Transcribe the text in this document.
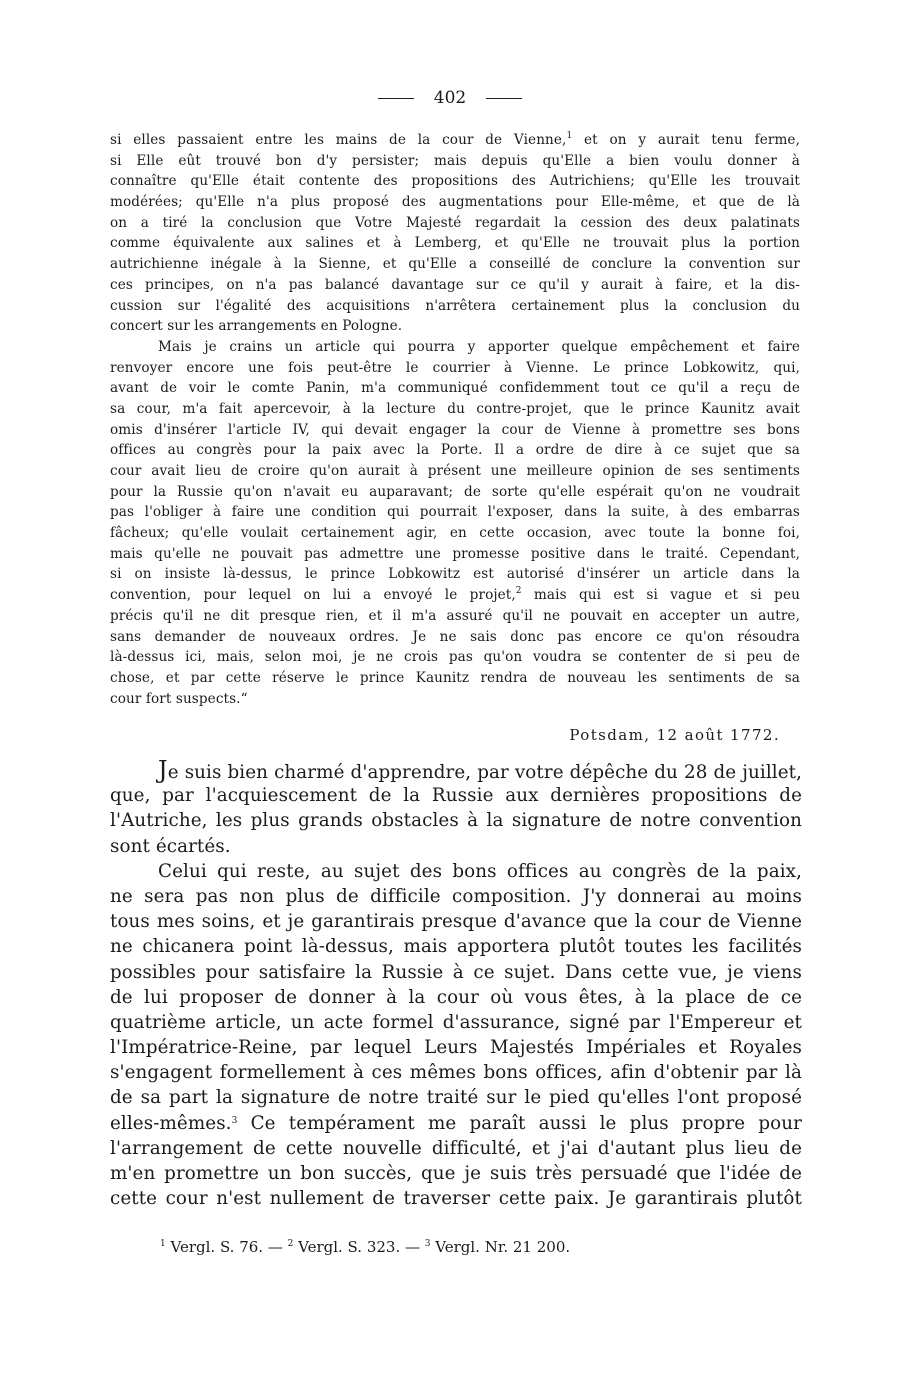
402
si elles passaient entre les mains de la cour de Vienne,$^1$ et on y aurait tenu ferme,
si Elle eût trouvé bon d'y persister; mais depuis qu'Elle a bien voulu donner à
connaître qu'Elle était contente des propositions des Autrichiens; qu'Elle les trouvait
modérées; qu'Elle n'a plus proposé des augmentations pour Elle-même, et que de là
on a tiré la conclusion que Votre Majesté regardait la cession des deux palatinats
comme équivalente aux salines et à Lemberg, et qu'Elle ne trouvait plus la portion
autrichienne inégale à la Sienne, et qu'Elle a conseillé de conclure la convention sur
ces principes, on n'a pas balancé davantage sur ce qu'il y aurait à faire, et la dis-
cussion sur l'égalité des acquisitions n'arrêtera certainement plus la conclusion du
concert sur les arrangements en Pologne.
Mais je crains un article qui pourra y apporter quelque empêchement et faire
renvoyer encore une fois peut-être le courrier à Vienne. Le prince Lobkowitz, qui,
avant de voir le comte Panin, m'a communiqué confidemment tout ce qu'il a reçu de
sa cour, m'a fait apercevoir, à la lecture du contre-projet, que le prince Kaunitz avait
omis d'insérer l'article IV, qui devait engager la cour de Vienne à promettre ses bons
offices au congrès pour la paix avec la Porte. Il a ordre de dire à ce sujet que sa
cour avait lieu de croire qu'on aurait à présent une meilleure opinion de ses sentiments
pour la Russie qu'on n'avait eu auparavant; de sorte qu'elle espérait qu'on ne voudrait
pas l'obliger à faire une condition qui pourrait l'exposer, dans la suite, à des embarras
fâcheux; qu'elle voulait certainement agir, en cette occasion, avec toute la bonne foi,
mais qu'elle ne pouvait pas admettre une promesse positive dans le traité. Cependant,
si on insiste là-dessus, le prince Lobkowitz est autorisé d'insérer un article dans la
convention, pour lequel on lui a envoyé le projet,$^2$ mais qui est si vague et si peu
précis qu'il ne dit presque rien, et il m'a assuré qu'il ne pouvait en accepter un autre,
sans demander de nouveaux ordres. Je ne sais donc pas encore ce qu'on résoudra
là-dessus ici, mais, selon moi, je ne crois pas qu'on voudra se contenter de si peu de
chose, et par cette réserve le prince Kaunitz rendra de nouveau les sentiments de sa
cour fort suspects.“
Potsdam, 12 août 1772.
Je suis bien charmé d'apprendre, par votre dépêche du 28 de juillet,
que, par l'acquiescement de la Russie aux dernières propositions de
l'Autriche, les plus grands obstacles à la signature de notre convention
sont écartés.
Celui qui reste, au sujet des bons offices au congrès de la paix,
ne sera pas non plus de difficile composition. J'y donnerai au moins
tous mes soins, et je garantirais presque d'avance que la cour de Vienne
ne chicanera point là-dessus, mais apportera plutôt toutes les facilités
possibles pour satisfaire la Russie à ce sujet. Dans cette vue, je viens
de lui proposer de donner à la cour où vous êtes, à la place de ce
quatrième article, un acte formel d'assurance, signé par l'Empereur et
l'Impératrice-Reine, par lequel Leurs Majestés Impériales et Royales
s'engagent formellement à ces mêmes bons offices, afin d'obtenir par là
de sa part la signature de notre traité sur le pied qu'elles l'ont proposé
elles-mêmes.$^3$ Ce tempérament me paraît aussi le plus propre pour
l'arrangement de cette nouvelle difficulté, et j'ai d'autant plus lieu de
m'en promettre un bon succès, que je suis très persuadé que l'idée de
cette cour n'est nullement de traverser cette paix. Je garantirais plutôt
$^1$ Vergl. S. 76. — $^2$ Vergl. S. 323. — $^3$ Vergl. Nr. 21 200.
